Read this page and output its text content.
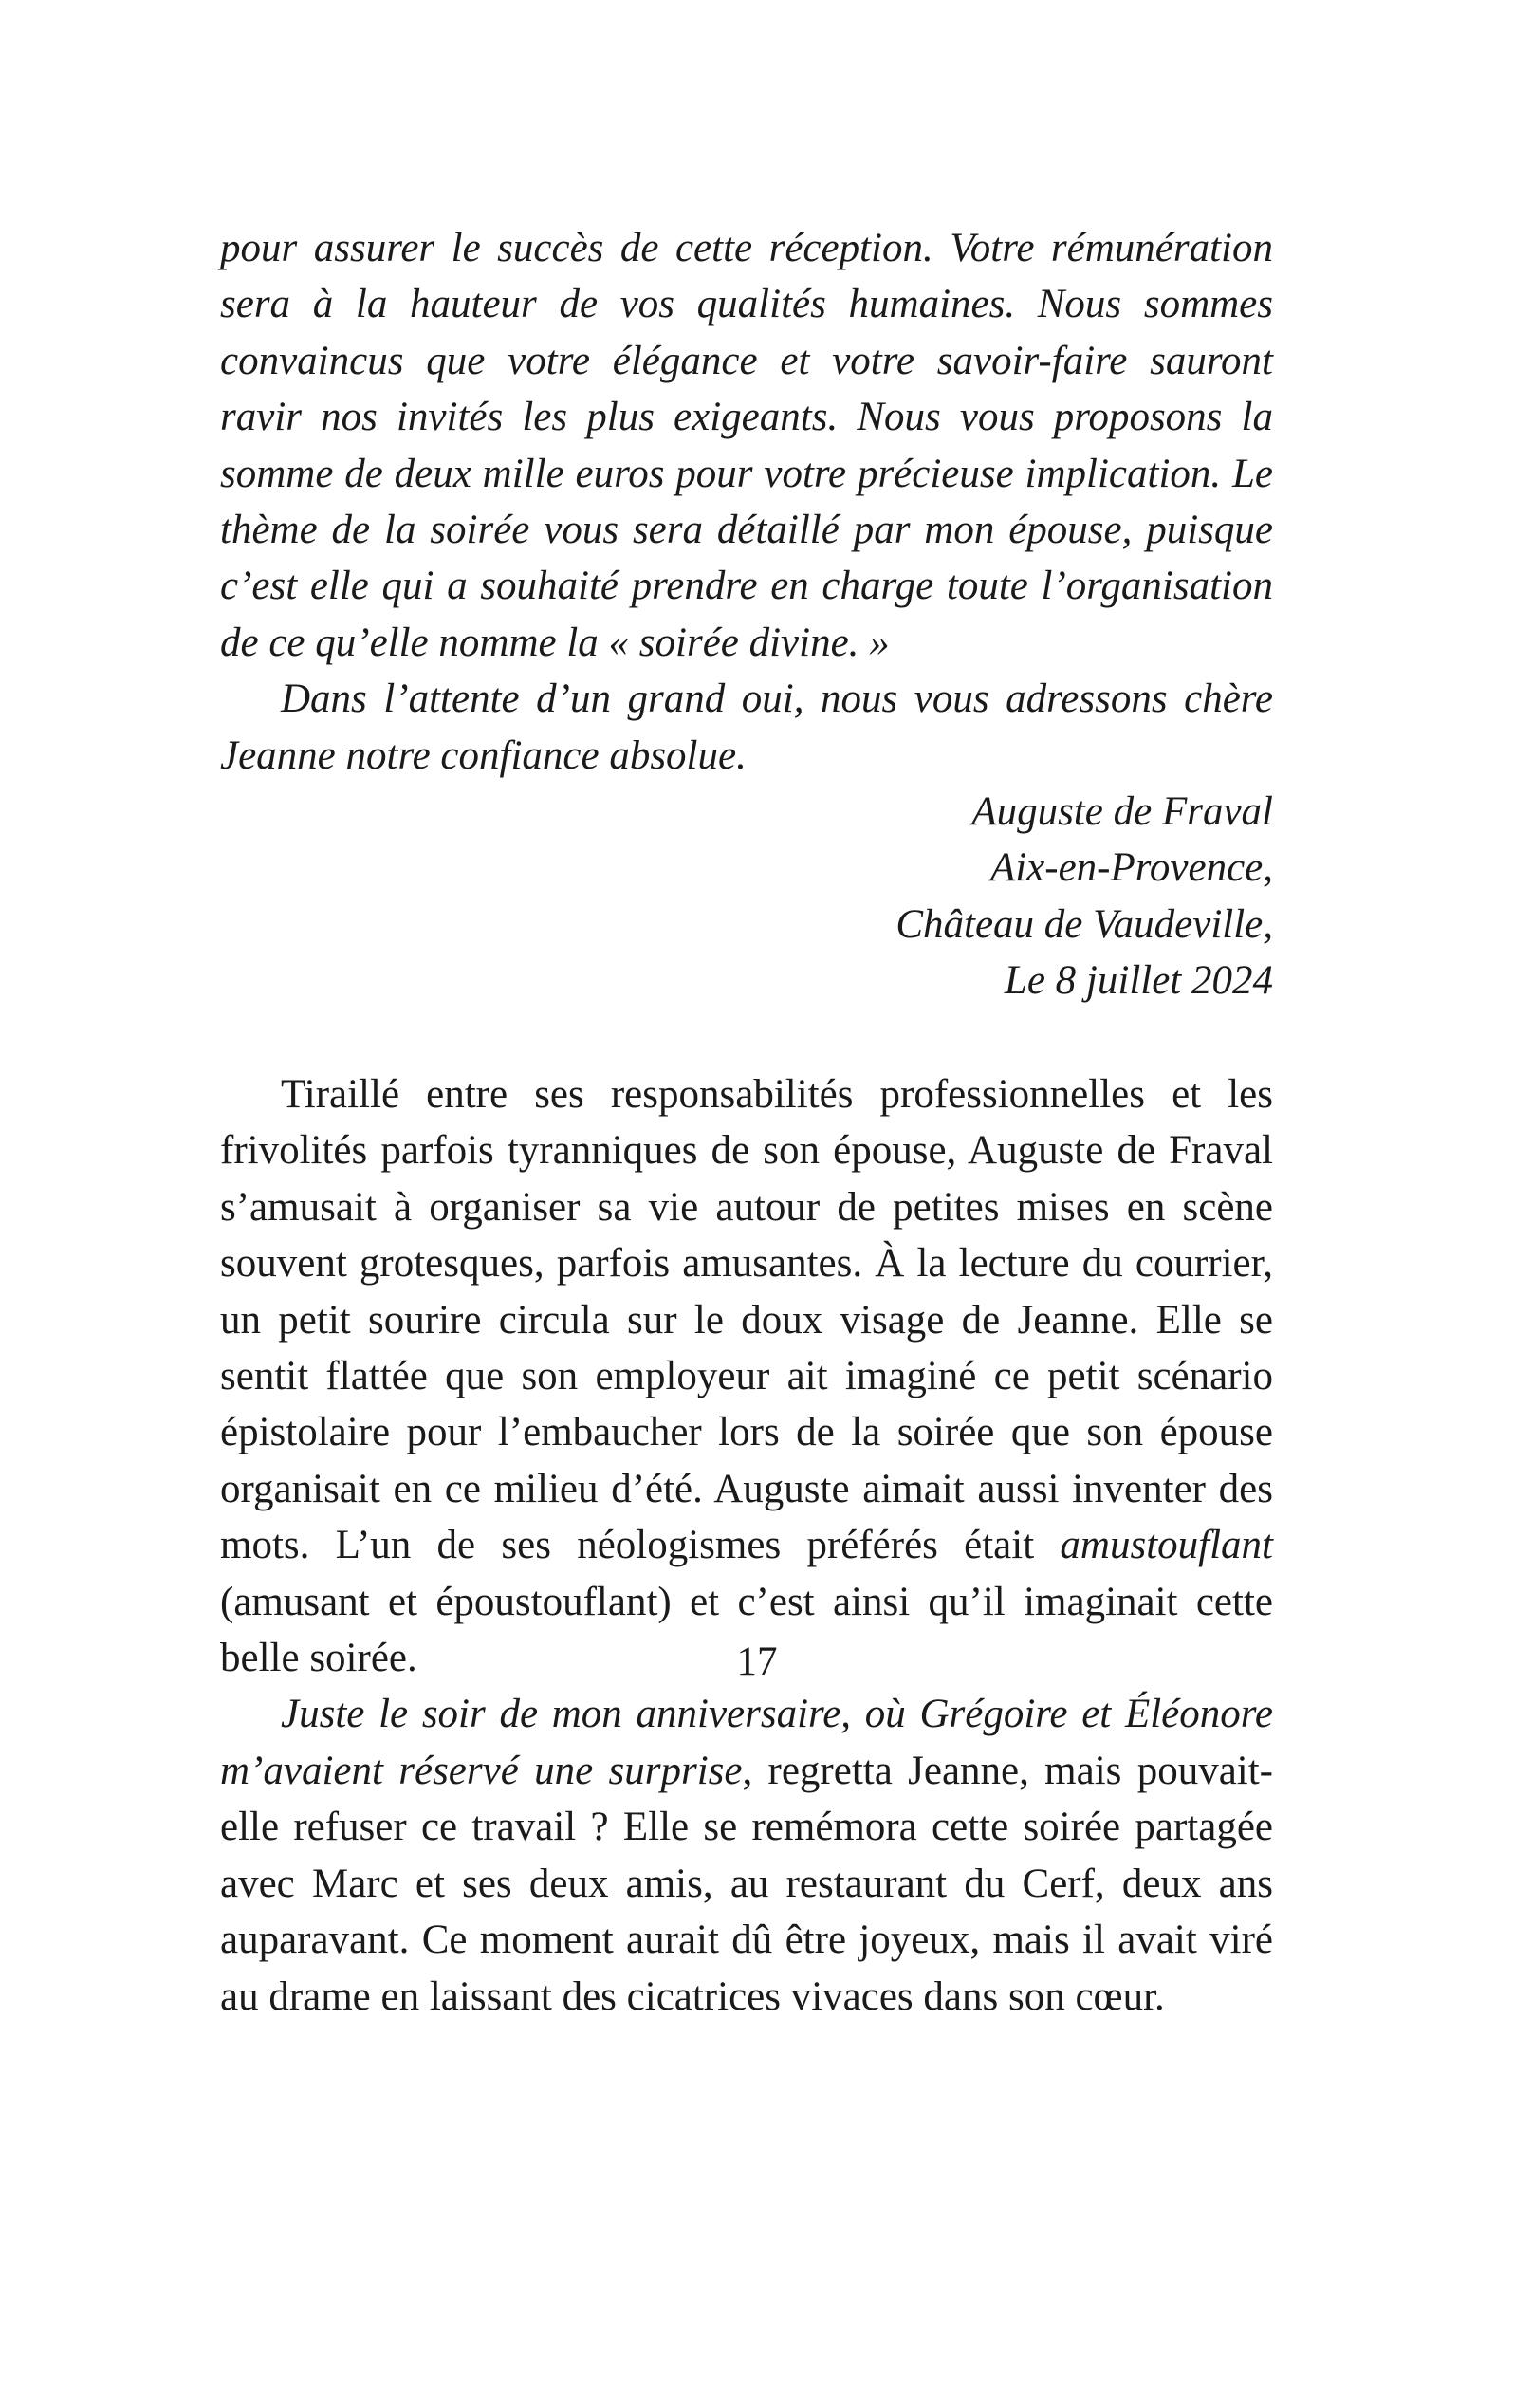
pour assurer le succès de cette réception. Votre rémunération sera à la hauteur de vos qualités humaines. Nous sommes convaincus que votre élégance et votre savoir-faire sauront ravir nos invités les plus exigeants. Nous vous proposons la somme de deux mille euros pour votre précieuse implication. Le thème de la soirée vous sera détaillé par mon épouse, puisque c’est elle qui a souhaité prendre en charge toute l’organisation de ce qu’elle nomme la « soirée divine. »

Dans l’attente d’un grand oui, nous vous adressons chère Jeanne notre confiance absolue.

Auguste de Fraval
Aix-en-Provence,
Château de Vaudeville,
Le 8 juillet 2024

Tiraillé entre ses responsabilités professionnelles et les frivolités parfois tyranniques de son épouse, Auguste de Fraval s’amusait à organiser sa vie autour de petites mises en scène souvent grotesques, parfois amusantes. À la lecture du courrier, un petit sourire circula sur le doux visage de Jeanne. Elle se sentit flattée que son employeur ait imaginé ce petit scénario épistolaire pour l’embaucher lors de la soirée que son épouse organisait en ce milieu d’été. Auguste aimait aussi inventer des mots. L’un de ses néologismes préférés était amustouflant (amusant et époustouflant) et c’est ainsi qu’il imaginait cette belle soirée.

Juste le soir de mon anniversaire, où Grégoire et Éléonore m’avaient réservé une surprise, regretta Jeanne, mais pouvait-elle refuser ce travail ? Elle se remémora cette soirée partagée avec Marc et ses deux amis, au restaurant du Cerf, deux ans auparavant. Ce moment aurait dû être joyeux, mais il avait viré au drame en laissant des cicatrices vivaces dans son cœur.

17
